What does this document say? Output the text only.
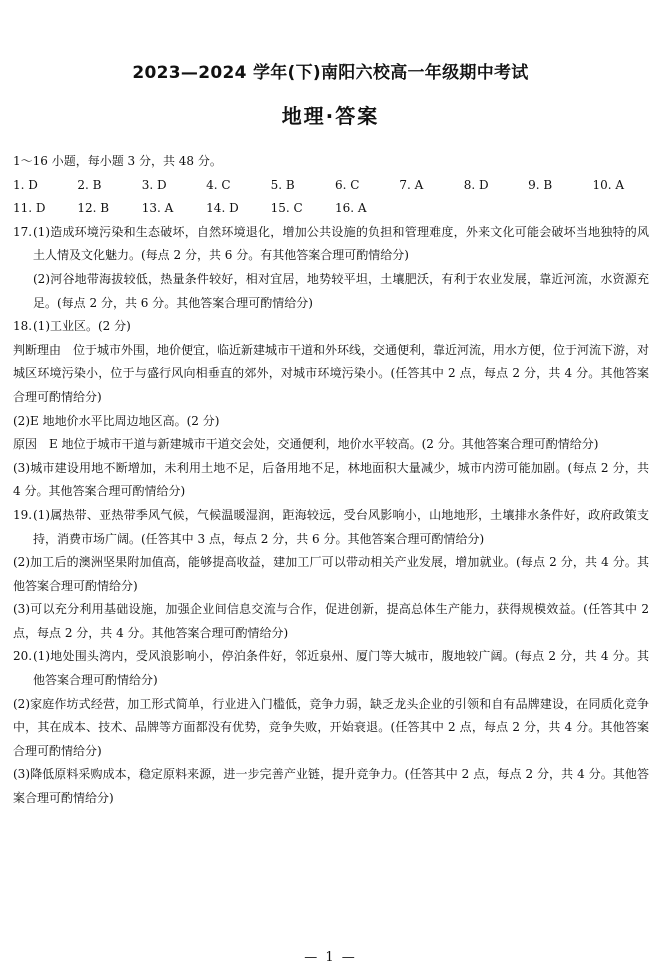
2023—2024 学年(下)南阳六校高一年级期中考试
地理·答案
1～16 小题，每小题 3 分，共 48 分。
1. D	2. B	3. D	4. C	5. B	6. C	7. A	8. D	9. B	10. A
11. D	12. B	13. A	14. D	15. C	16. A
17. (1)造成环境污染和生态破坏，自然环境退化，增加公共设施的负担和管理难度，外来文化可能会破坏当地独特的风土人情及文化魅力。(每点 2 分，共 6 分。有其他答案合理可酌情给分)
(2)河谷地带海拔较低，热量条件较好，相对宜居，地势较平坦，土壤肥沃，有利于农业发展，靠近河流，水资源充足。(每点 2 分，共 6 分。其他答案合理可酌情给分)
18. (1)工业区。(2 分)
判断理由　位于城市外围，地价便宜，临近新建城市干道和外环线，交通便利，靠近河流，用水方便，位于河流下游，对城区环境污染小，位于与盛行风向相垂直的郊外，对城市环境污染小。(任答其中 2 点，每点 2 分，共 4 分。其他答案合理可酌情给分)
(2)E 地地价水平比周边地区高。(2 分)
原因　E 地位于城市干道与新建城市干道交会处，交通便利，地价水平较高。(2 分。其他答案合理可酌情给分)
(3)城市建设用地不断增加，未利用土地不足，后备用地不足，林地面积大量减少，城市内涝可能加剧。(每点 2 分，共 4 分。其他答案合理可酌情给分)
19. (1)属热带、亚热带季风气候，气候温暖湿润，距海较远，受台风影响小，山地地形，土壤排水条件好，政府政策支持，消费市场广阔。(任答其中 3 点，每点 2 分，共 6 分。其他答案合理可酌情给分)
(2)加工后的澳洲坚果附加值高，能够提高收益，建加工厂可以带动相关产业发展，增加就业。(每点 2 分，共 4 分。其他答案合理可酌情给分)
(3)可以充分利用基础设施，加强企业间信息交流与合作，促进创新，提高总体生产能力，获得规模效益。(任答其中 2 点，每点 2 分，共 4 分。其他答案合理可酌情给分)
20. (1)地处围头湾内，受风浪影响小，停泊条件好，邻近泉州、厦门等大城市，腹地较广阔。(每点 2 分，共 4 分。其他答案合理可酌情给分)
(2)家庭作坊式经营，加工形式简单，行业进入门槛低，竞争力弱，缺乏龙头企业的引领和自有品牌建设，在同质化竞争中，其在成本、技术、品牌等方面都没有优势，竞争失败，开始衰退。(任答其中 2 点，每点 2 分，共 4 分。其他答案合理可酌情给分)
(3)降低原料采购成本，稳定原料来源，进一步完善产业链，提升竞争力。(任答其中 2 点，每点 2 分，共 4 分。其他答案合理可酌情给分)
— 1 —
